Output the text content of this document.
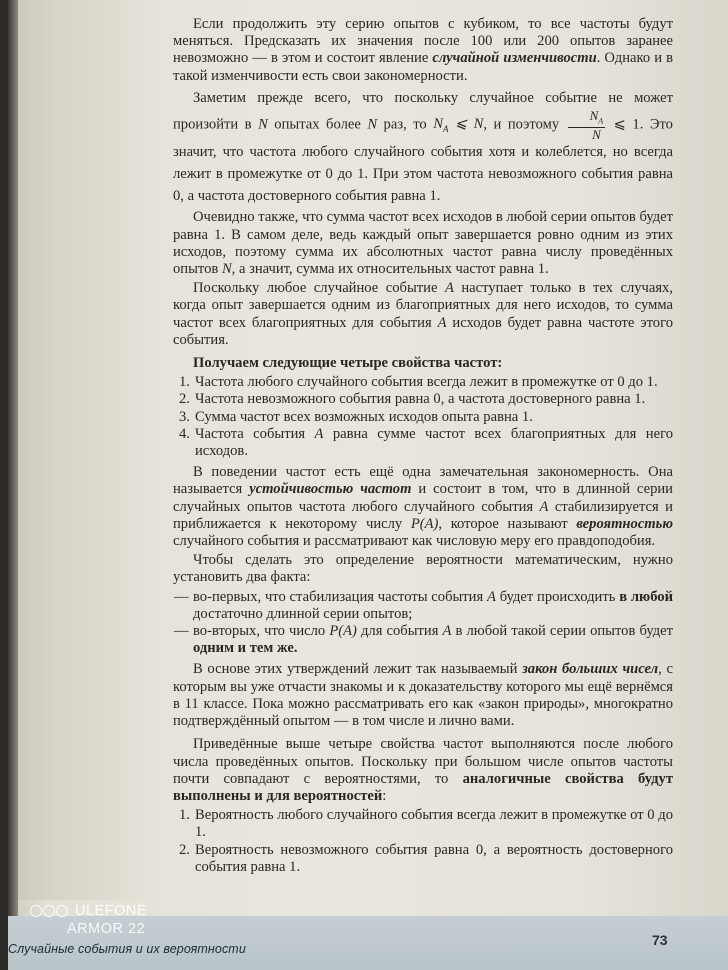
Если продолжить эту серию опытов с кубиком, то все частоты будут меняться. Предсказать их значения после 100 или 200 опытов заранее невозможно — в этом и состоит явление случайной изменчивости. Однако и в такой изменчивости есть свои закономерности.

Заметим прежде всего, что поскольку случайное событие не может произойти в N опытах более N раз, то $N_A$ ⩽ N, и поэтому $\frac{N_A}{N}$ ⩽ 1. Это значит, что частота любого случайного события хотя и колеблется, но всегда лежит в промежутке от 0 до 1. При этом частота невозможного события равна 0, а частота достоверного события равна 1.

Очевидно также, что сумма частот всех исходов в любой серии опытов будет равна 1. В самом деле, ведь каждый опыт завершается ровно одним из этих исходов, поэтому сумма их абсолютных частот равна числу проведённых опытов N, а значит, сумма их относительных частот равна 1.

Поскольку любое случайное событие A наступает только в тех случаях, когда опыт завершается одним из благоприятных для него исходов, то сумма частот всех благоприятных для события A исходов будет равна частоте этого события.

Получаем следующие четыре свойства частот:

1. Частота любого случайного события всегда лежит в промежутке от 0 до 1.
2. Частота невозможного события равна 0, а частота достоверного равна 1.
3. Сумма частот всех возможных исходов опыта равна 1.
4. Частота события A равна сумме частот всех благоприятных для него исходов.

В поведении частот есть ещё одна замечательная закономерность. Она называется устойчивостью частот и состоит в том, что в длинной серии случайных опытов частота любого случайного события A стабилизируется и приближается к некоторому числу P(A), которое называют вероятностью случайного события и рассматривают как числовую меру его правдоподобия.

Чтобы сделать это определение вероятности математическим, нужно установить два факта:

— во-первых, что стабилизация частоты события A будет происходить в любой достаточно длинной серии опытов;
— во-вторых, что число P(A) для события A в любой такой серии опытов будет одним и тем же.

В основе этих утверждений лежит так называемый закон больших чисел, с которым вы уже отчасти знакомы и к доказательству которого мы ещё вернёмся в 11 классе. Пока можно рассматривать его как «закон природы», многократно подтверждённый опытом — в том числе и лично вами.

Приведённые выше четыре свойства частот выполняются после любого числа проведённых опытов. Поскольку при большом числе опытов частоты почти совпадают с вероятностями, то аналогичные свойства будут выполнены и для вероятностей:

1. Вероятность любого случайного события всегда лежит в промежутке от 0 до 1.
2. Вероятность невозможного события равна 0, а вероятность достоверного события равна 1.
Случайные события и их вероятности
73
ULEFONE
ARMOR 22
